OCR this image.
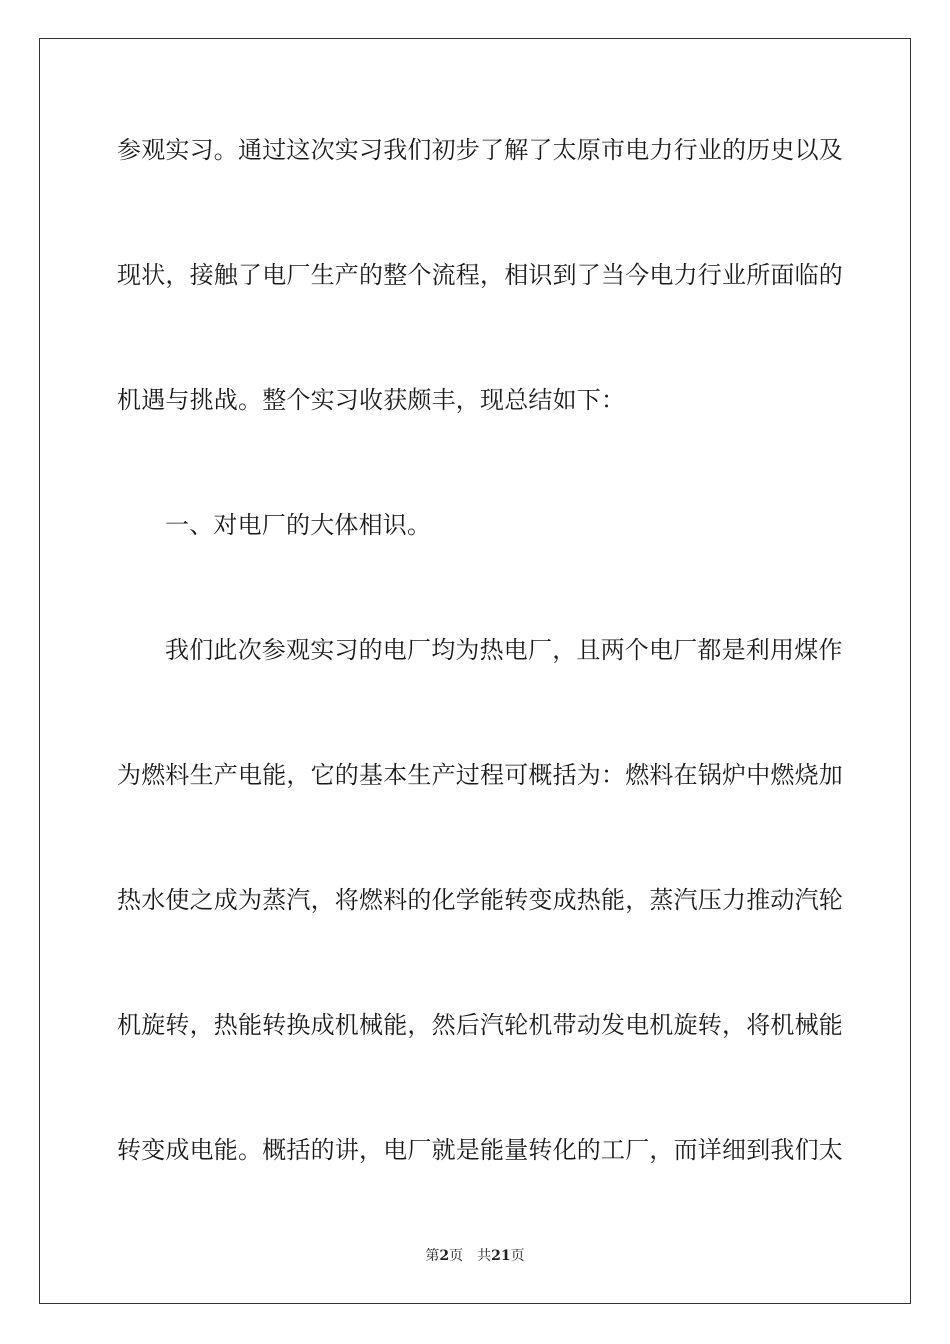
参观实习。通过这次实习我们初步了解了太原市电力行业的历史以及
现状，接触了电厂生产的整个流程，相识到了当今电力行业所面临的
机遇与挑战。整个实习收获颇丰，现总结如下：
一、对电厂的大体相识。
我们此次参观实习的电厂均为热电厂，且两个电厂都是利用煤作
为燃料生产电能，它的基本生产过程可概括为：燃料在锅炉中燃烧加
热水使之成为蒸汽，将燃料的化学能转变成热能，蒸汽压力推动汽轮
机旋转，热能转换成机械能，然后汽轮机带动发电机旋转，将机械能
转变成电能。概括的讲，电厂就是能量转化的工厂，而详细到我们太
第2页 共21页
